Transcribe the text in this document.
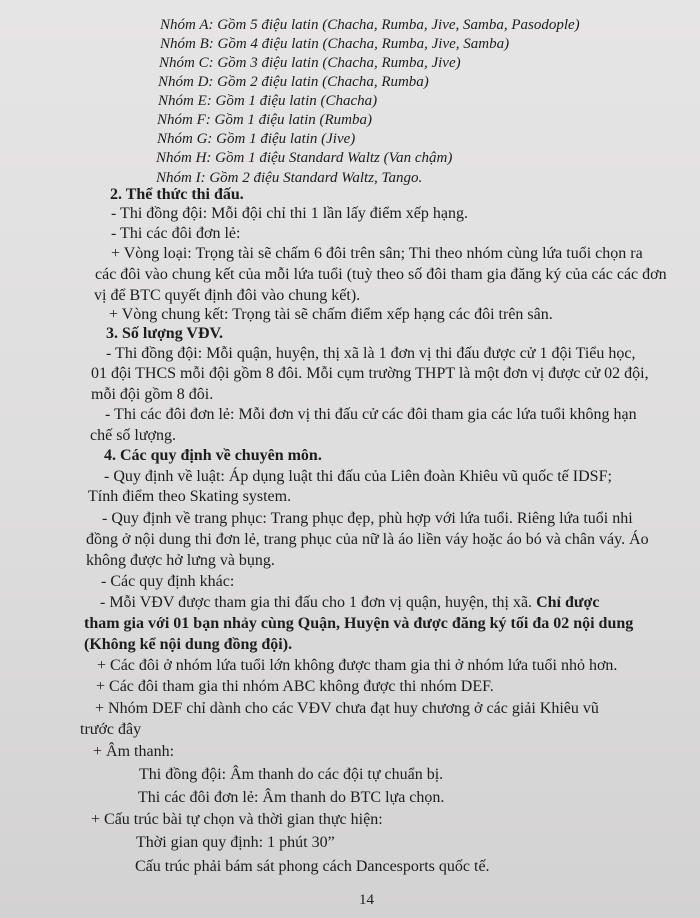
Nhóm A: Gồm 5 điệu latin (Chacha, Rumba, Jive, Samba, Pasodople)
Nhóm B: Gồm 4 điệu latin (Chacha, Rumba, Jive, Samba)
Nhóm C: Gồm 3 điệu latin (Chacha, Rumba, Jive)
Nhóm D: Gồm 2 điệu latin (Chacha, Rumba)
Nhóm E: Gồm 1 điệu latin (Chacha)
Nhóm F: Gồm 1 điệu latin (Rumba)
Nhóm G: Gồm 1 điệu latin (Jive)
Nhóm H: Gồm 1 điệu Standard Waltz (Van chậm)
Nhóm I: Gồm 2 điệu Standard Waltz, Tango.
2. Thể thức thi đấu.
- Thi đồng đội: Mỗi đội chỉ thi 1 lần lấy điểm xếp hạng.
- Thi các đôi đơn lẻ:
+ Vòng loại: Trọng tài sẽ chấm 6 đôi trên sân; Thi theo nhóm cùng lứa tuổi chọn ra
các đôi vào chung kết của mỗi lứa tuổi (tuỳ theo số đôi tham gia đăng ký của các các đơn
vị để BTC quyết định đôi vào chung kết).
+ Vòng chung kết: Trọng tài sẽ chấm điểm xếp hạng các đôi trên sân.
3. Số lượng VĐV.
- Thi đồng đội: Mỗi quận, huyện, thị xã là 1 đơn vị thi đấu được cử 1 đội Tiểu học,
01 đội THCS mỗi đội gồm 8 đôi. Mỗi cụm trường THPT là một đơn vị được cử 02 đội,
mỗi đội gồm 8 đôi.
- Thi các đôi đơn lẻ: Mỗi đơn vị thi đấu cử các đôi tham gia các lứa tuổi không hạn
chế số lượng.
4. Các quy định về chuyên môn.
- Quy định về luật: Áp dụng luật thi đấu của Liên đoàn Khiêu vũ quốc tế IDSF;
Tính điểm theo Skating system.
- Quy định về trang phục: Trang phục đẹp, phù hợp với lứa tuổi. Riêng lứa tuổi nhi
đồng ở nội dung thi đơn lẻ, trang phục của nữ là áo liền váy hoặc áo bó và chân váy. Áo
không được hở lưng và bụng.
- Các quy định khác:
- Mỗi VĐV được tham gia thi đấu cho 1 đơn vị quận, huyện, thị xã. Chỉ được
tham gia với 01 bạn nhảy cùng Quận, Huyện và được đăng ký tối đa 02 nội dung
(Không kể nội dung đồng đội).
+ Các đôi ở nhóm lứa tuổi lớn không được tham gia thi ở nhóm lứa tuổi nhỏ hơn.
+ Các đôi tham gia thi nhóm ABC không được thi nhóm DEF.
+ Nhóm DEF chỉ dành cho các VĐV chưa đạt huy chương ở các giải Khiêu vũ
trước đây
+ Âm thanh:
Thi đồng đội: Âm thanh do các đội tự chuẩn bị.
Thi các đôi đơn lẻ: Âm thanh do BTC lựa chọn.
+ Cấu trúc bài tự chọn và thời gian thực hiện:
Thời gian quy định: 1 phút 30”
Cấu trúc phải bám sát phong cách Dancesports quốc tế.
14
